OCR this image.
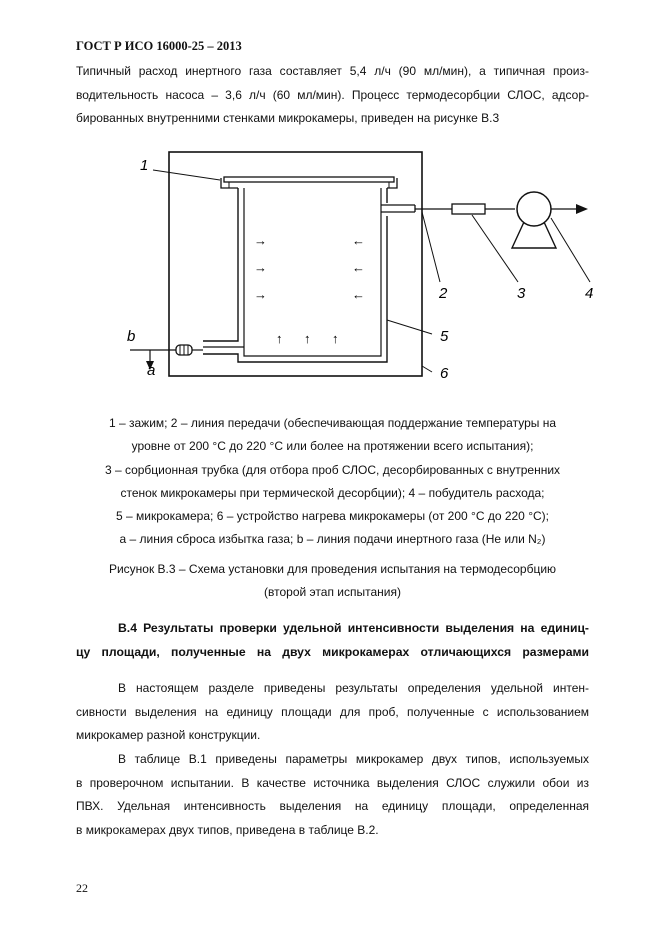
ГОСТ Р ИСО 16000-25 – 2013
Типичный расход инертного газа составляет 5,4 л/ч (90 мл/мин), а типичная произ-
водительность насоса – 3,6 л/ч (60 мл/мин). Процесс термодесорбции СЛОС, адсор-
бированных внутренними стенками микрокамеры, приведен на рисунке В.3
→
→
→
←
←
←
↑ ↑ ↑
1
2	3	4
5
6
b
a
1 – зажим; 2 – линия передачи (обеспечивающая поддержание температуры на
уровне от 200 °С до 220 °С или более на протяжении всего испытания);
3 – сорбционная трубка (для отбора проб СЛОС, десорбированных с внутренних
стенок микрокамеры при термической десорбции); 4 – побудитель расхода;
5 – микрокамера; 6 – устройство нагрева микрокамеры (от 200 °С до 220 °С);
а – линия сброса избытка газа; b – линия подачи инертного газа (Не или N₂)
Рисунок В.3 – Схема установки для проведения испытания на термодесорбцию
(второй этап испытания)
В.4 Результаты проверки удельной интенсивности выделения на единиц-
цу площади, полученные на двух микрокамерах отличающихся размерами
В настоящем разделе приведены результаты определения удельной интен-
сивности выделения на единицу площади для проб, полученные с использованием
микрокамер разной конструкции.
В таблице В.1 приведены параметры микрокамер двух типов, используемых
в проверочном испытании. В качестве источника выделения СЛОС служили обои из
ПВХ. Удельная интенсивность выделения на единицу площади, определенная
в микрокамерах двух типов, приведена в таблице В.2.
22
